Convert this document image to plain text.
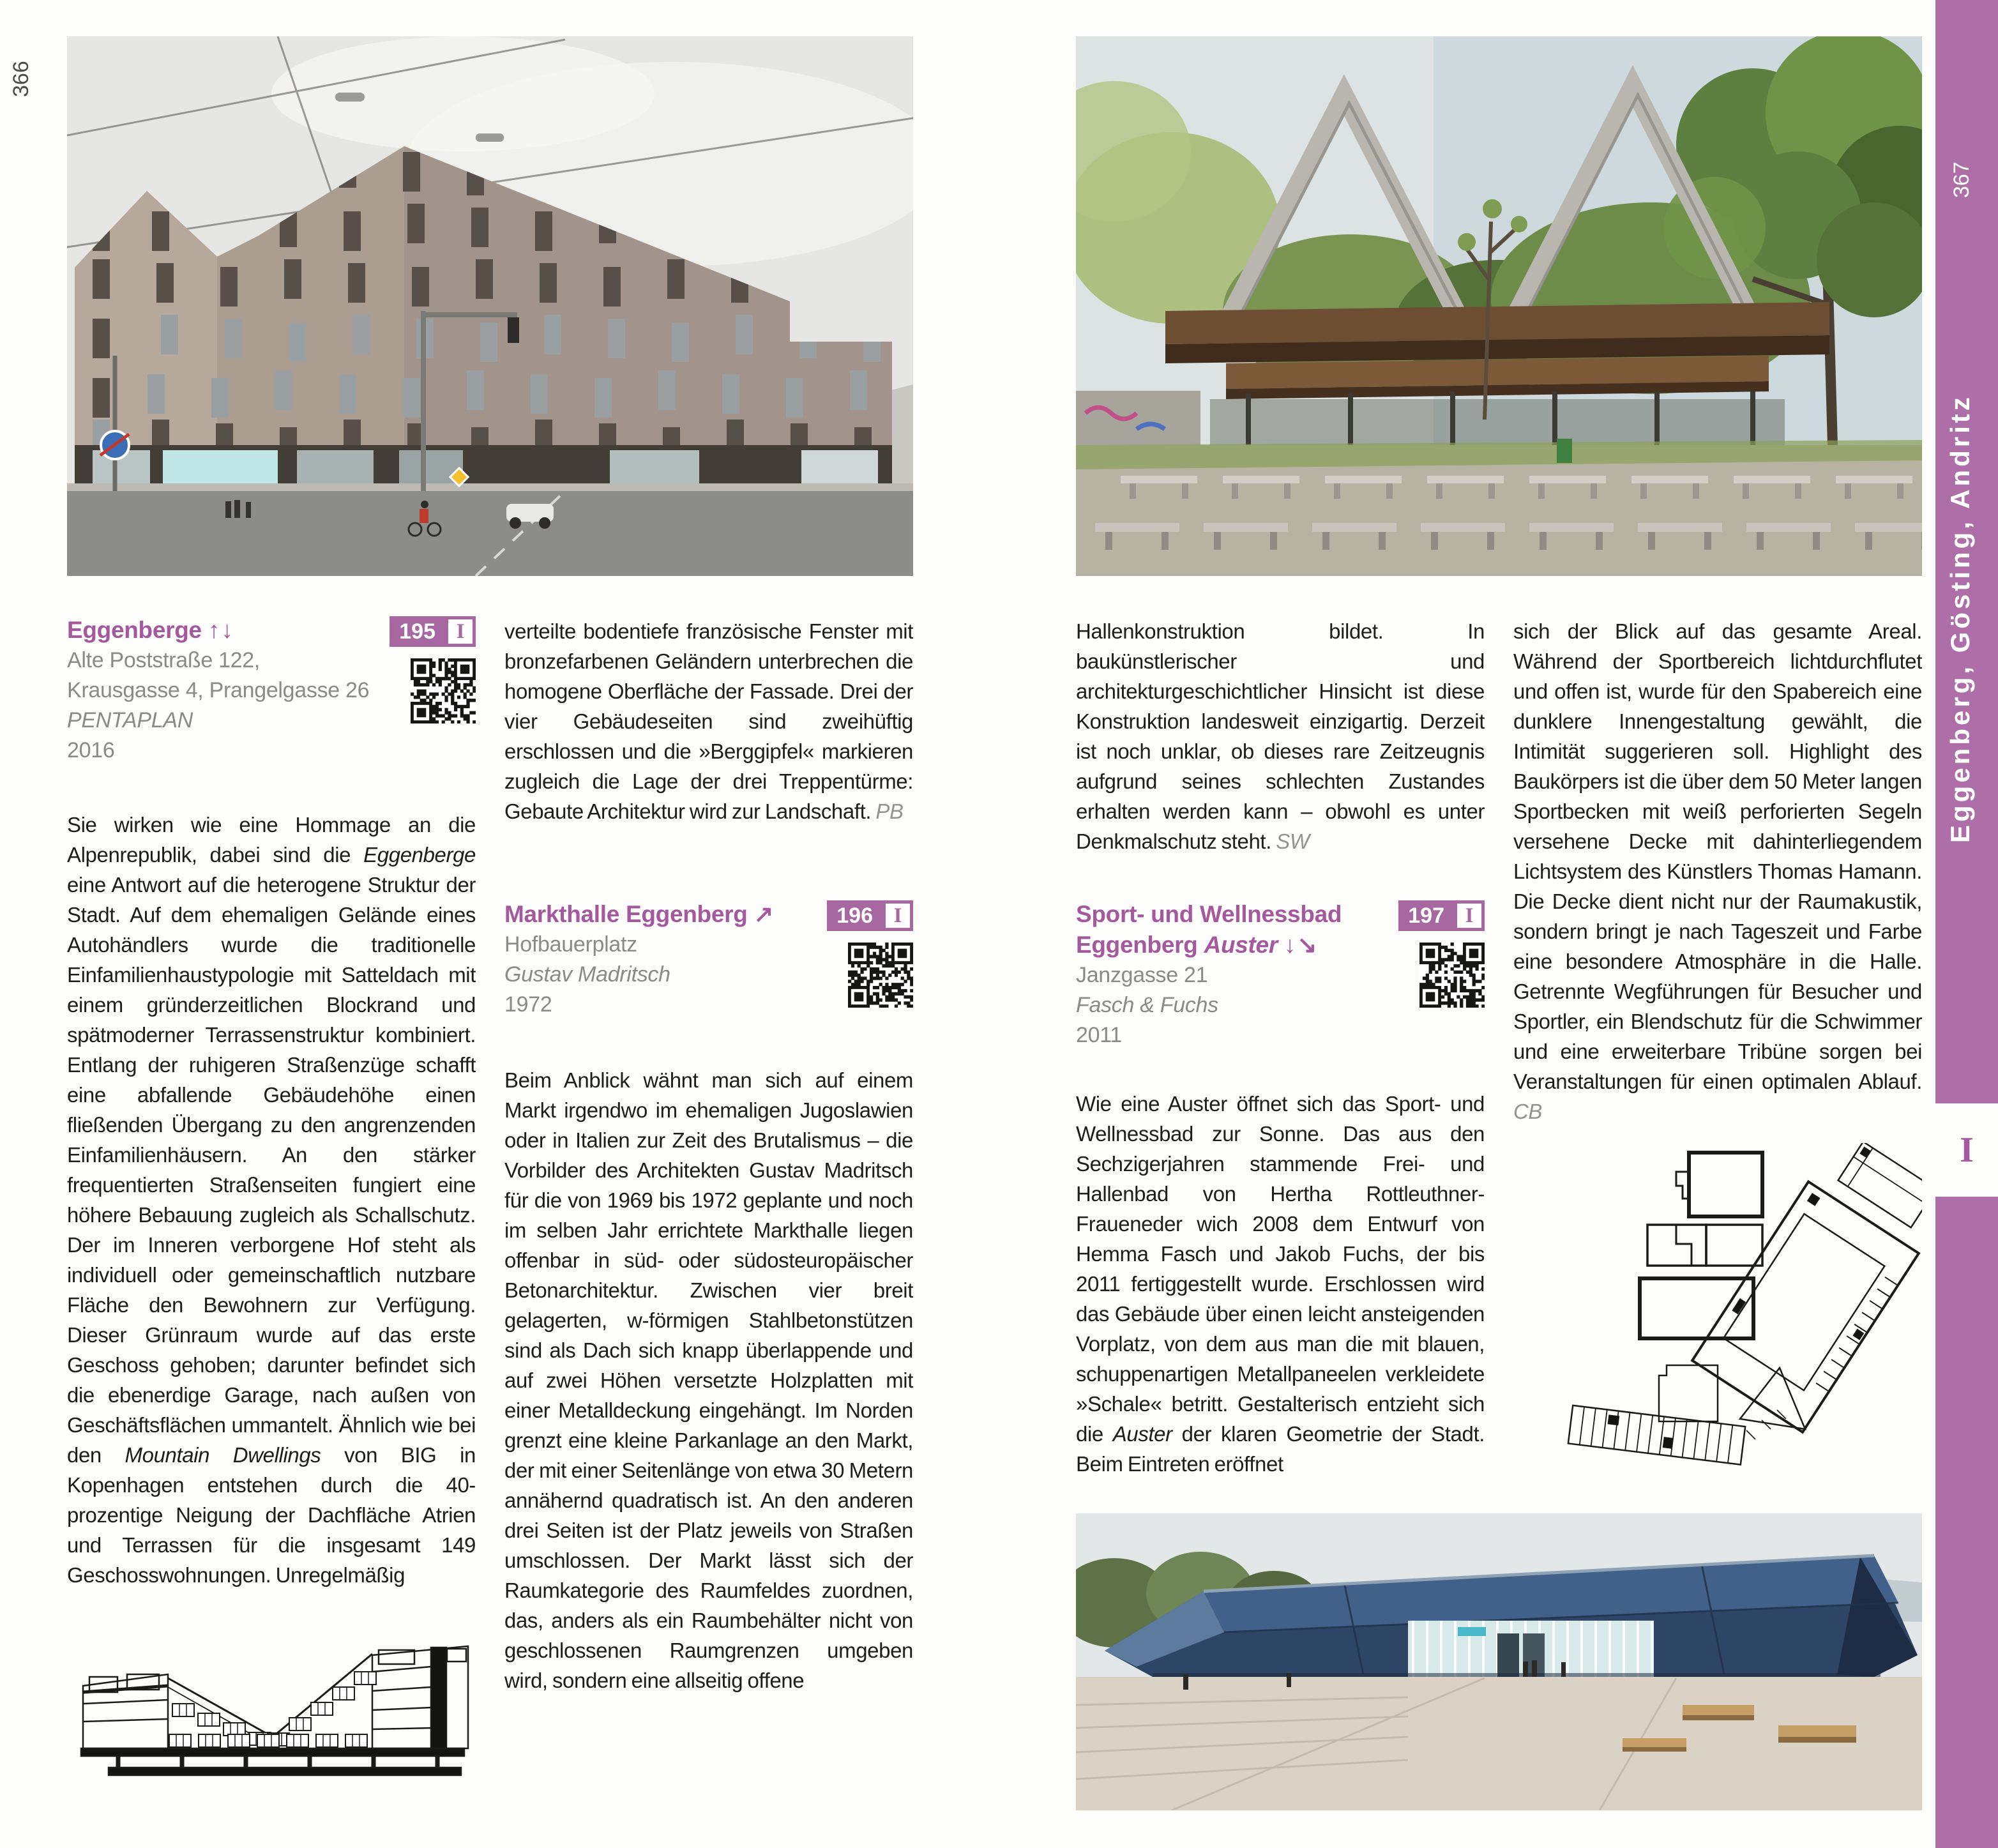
366
367
Eggenberg, Gösting, Andritz
I
Eggenberge ↑↓
Alte Poststraße 122,
Krausgasse 4, Prangelgasse 26
PENTAPLAN
2016
195 I
Sie wirken wie eine Hommage an die Alpenrepublik, dabei sind die Eggenberge eine Antwort auf die heterogene Struktur der Stadt. Auf dem ehemaligen Gelände eines Autohändlers wurde die traditionelle Einfamilienhaustypologie mit Satteldach mit einem gründerzeitlichen Blockrand und spätmoderner Terrassenstruktur kombiniert. Entlang der ruhigeren Straßenzüge schafft eine abfallende Gebäudehöhe einen fließenden Übergang zu den angrenzenden Einfamilienhäusern. An den stärker frequentierten Straßenseiten fungiert eine höhere Bebauung zugleich als Schallschutz. Der im Inneren verborgene Hof steht als individuell oder gemeinschaftlich nutzbare Fläche den Bewohnern zur Verfügung. Dieser Grünraum wurde auf das erste Geschoss gehoben; darunter befindet sich die ebenerdige Garage, nach außen von Geschäftsflächen ummantelt. Ähnlich wie bei den Mountain Dwellings von BIG in Kopenhagen entstehen durch die 40-prozentige Neigung der Dachfläche Atrien und Terrassen für die insgesamt 149 Geschosswohnungen. Unregelmäßig
verteilte bodentiefe französische Fenster mit bronzefarbenen Geländern unterbrechen die homogene Oberfläche der Fassade. Drei der vier Gebäudeseiten sind zweihüftig erschlossen und die »Berggipfel« markieren zugleich die Lage der drei Treppentürme: Gebaute Architektur wird zur Landschaft. PB
Markthalle Eggenberg ↗
Hofbauerplatz
Gustav Madritsch
1972
196 I
Beim Anblick wähnt man sich auf einem Markt irgendwo im ehemaligen Jugoslawien oder in Italien zur Zeit des Brutalismus – die Vorbilder des Architekten Gustav Madritsch für die von 1969 bis 1972 geplante und noch im selben Jahr errichtete Markthalle liegen offenbar in süd- oder südosteuropäischer Betonarchitektur. Zwischen vier breit gelagerten, w-förmigen Stahlbetonstützen sind als Dach sich knapp überlappende und auf zwei Höhen versetzte Holzplatten mit einer Metalldeckung eingehängt. Im Norden grenzt eine kleine Parkanlage an den Markt, der mit einer Seitenlänge von etwa 30 Metern annähernd quadratisch ist. An den anderen drei Seiten ist der Platz jeweils von Straßen umschlossen. Der Markt lässt sich der Raumkategorie des Raumfeldes zuordnen, das, anders als ein Raumbehälter nicht von geschlossenen Raumgrenzen umgeben wird, sondern eine allseitig offene
Hallenkonstruktion bildet. In baukünstlerischer und architekturgeschichtlicher Hinsicht ist diese Konstruktion landesweit einzigartig. Derzeit ist noch unklar, ob dieses rare Zeitzeugnis aufgrund seines schlechten Zustandes erhalten werden kann – obwohl es unter Denkmalschutz steht. SW
Sport- und Wellnessbad
Eggenberg Auster ↓↘
Janzgasse 21
Fasch & Fuchs
2011
197 I
Wie eine Auster öffnet sich das Sport- und Wellnessbad zur Sonne. Das aus den Sechzigerjahren stammende Frei- und Hallenbad von Hertha Rottleuthner-Fraueneder wich 2008 dem Entwurf von Hemma Fasch und Jakob Fuchs, der bis 2011 fertiggestellt wurde. Erschlossen wird das Gebäude über einen leicht ansteigenden Vorplatz, von dem aus man die mit blauen, schuppenartigen Metallpaneelen verkleidete »Schale« betritt. Gestalterisch entzieht sich die Auster der klaren Geometrie der Stadt. Beim Eintreten eröffnet
sich der Blick auf das gesamte Areal. Während der Sportbereich lichtdurchflutet und offen ist, wurde für den Spabereich eine dunklere Innengestaltung gewählt, die Intimität suggerieren soll. Highlight des Baukörpers ist die über dem 50 Meter langen Sportbecken mit weiß perforierten Segeln versehene Decke mit dahinterliegendem Lichtsystem des Künstlers Thomas Hamann. Die Decke dient nicht nur der Raumakustik, sondern bringt je nach Tageszeit und Farbe eine besondere Atmosphäre in die Halle. Getrennte Wegführungen für Besucher und Sportler, ein Blendschutz für die Schwimmer und eine erweiterbare Tribüne sorgen bei Veranstaltungen für einen optimalen Ablauf. CB
